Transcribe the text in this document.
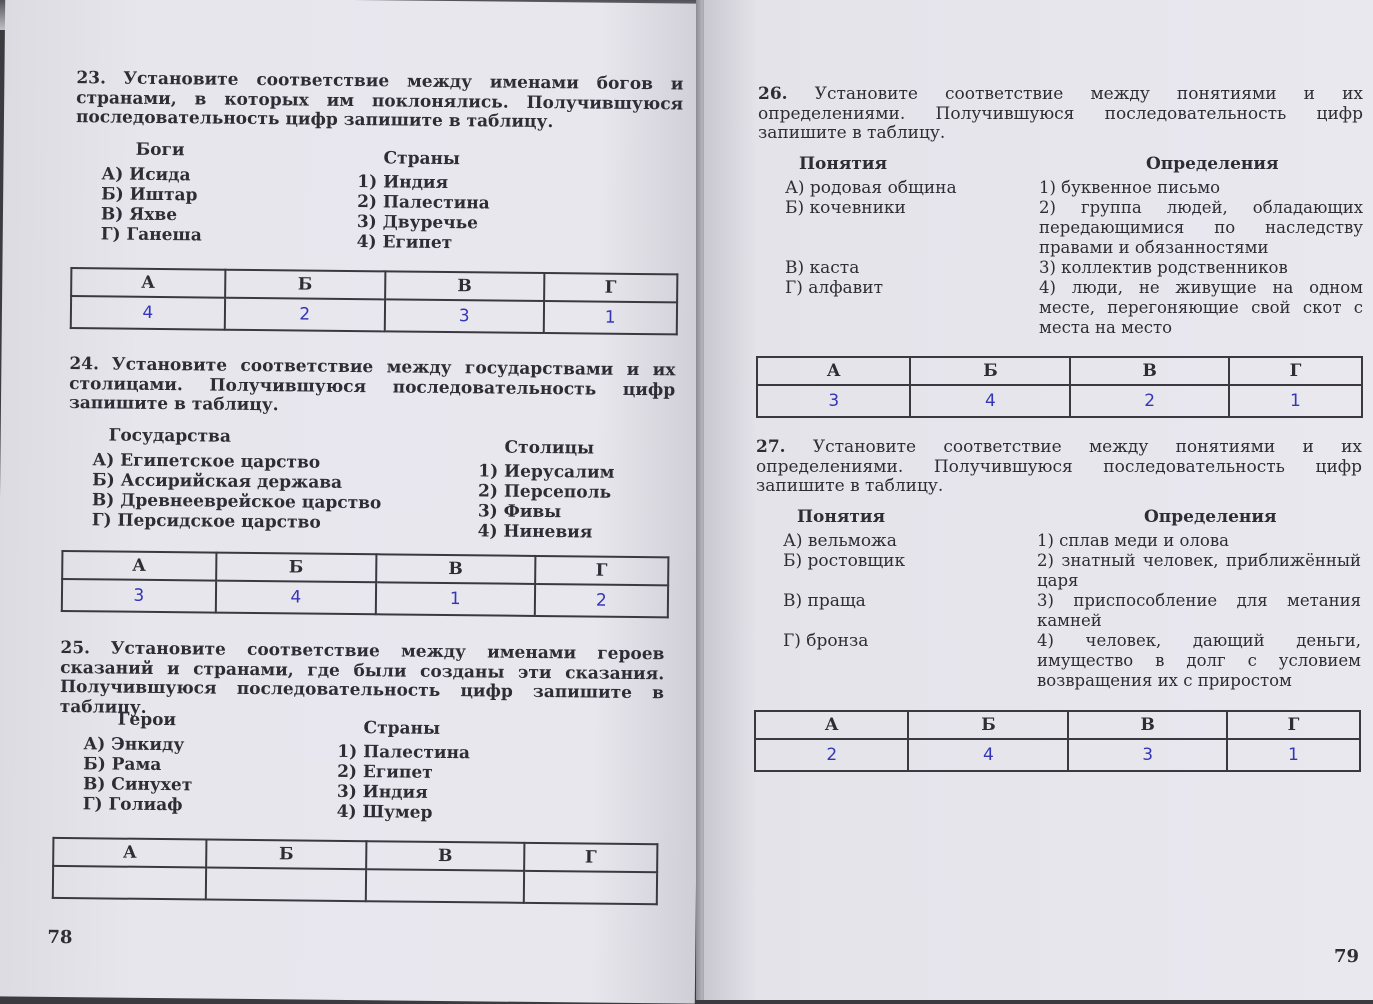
23. Установите соответствие между именами богов и странами, в которых им поклонялись. Получившуюся последовательность цифр запишите в таблицу.
Боги	Страны
А) Исида
Б) Иштар
В) Яхве
Г) Ганеша
1) Индия
2) Палестина
3) Двуречье
4) Египет
А	Б	В	Г
4	2	3	1
24. Установите соответствие между государствами и их столицами. Получившуюся последовательность цифр запишите в таблицу.
Государства
Столицы
А) Египетское царство
Б) Ассирийская держава
В) Древнееврейское царство
Г) Персидское царство
1) Иерусалим
2) Персеполь
3) Фивы
4) Ниневия
А	Б	В	Г
3	4	1	2
25. Установите соответствие между именами героев сказаний и странами, где были созданы эти сказания. Получившуюся последовательность цифр запишите в таблицу.
Герои	Страны
А) Энкиду
Б) Рама
В) Синухет
Г) Голиаф
1) Палестина
2) Египет
3) Индия
4) Шумер
А	Б	В	Г

78
26. Установите соответствие между понятиями и их определениями. Получившуюся последовательность цифр запишите в таблицу.
Понятия	Определения
А) родовая община
Б) кочевники
В) каста
Г) алфавит
1) буквенное письмо
2) группа людей, обладающих передающимися по наследству правами и обязанностями
3) коллектив родственников
4) люди, не живущие на одном месте, перегоняющие свой скот с места на место
А	Б	В	Г
3	4	2	1
27. Установите соответствие между понятиями и их определениями. Получившуюся последовательность цифр запишите в таблицу.
Понятия	Определения
А) вельможа
Б) ростовщик
В) праща
Г) бронза
1) сплав меди и олова
2) знатный человек, приближённый царя
3) приспособление для метания камней
4) человек, дающий деньги, имущество в долг с условием возвращения их с приростом
А	Б	В	Г
2	4	3	1
79
